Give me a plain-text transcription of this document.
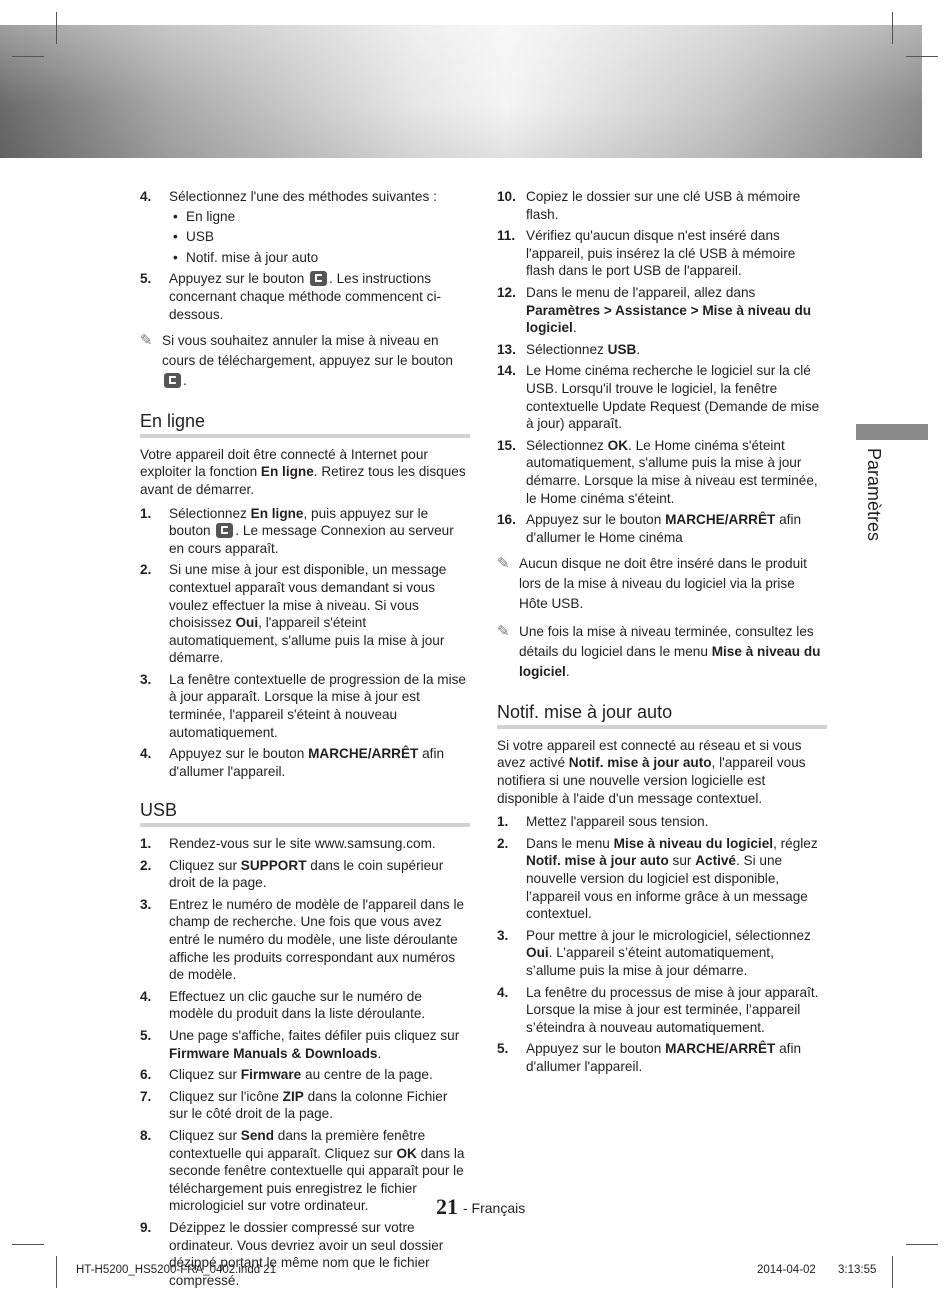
4. Sélectionnez l'une des méthodes suivantes :
• En ligne
• USB
• Notif. mise à jour auto
5. Appuyez sur le bouton . Les instructions concernant chaque méthode commencent ci-dessous.
✎ Si vous souhaitez annuler la mise à niveau en cours de téléchargement, appuyez sur le bouton .
En ligne

Votre appareil doit être connecté à Internet pour exploiter la fonction En ligne. Retirez tous les disques avant de démarrer.

1. Sélectionnez En ligne, puis appuyez sur le bouton . Le message Connexion au serveur en cours apparaît.
2. Si une mise à jour est disponible, un message contextuel apparaît vous demandant si vous voulez effectuer la mise à niveau. Si vous choisissez Oui, l'appareil s'éteint automatiquement, s'allume puis la mise à jour démarre.
3. La fenêtre contextuelle de progression de la mise à jour apparaît. Lorsque la mise à jour est terminée, l'appareil s'éteint à nouveau automatiquement.
4. Appuyez sur le bouton MARCHE/ARRÊT afin d'allumer l'appareil.
USB
1. Rendez-vous sur le site www.samsung.com.
2. Cliquez sur SUPPORT dans le coin supérieur droit de la page.
3. Entrez le numéro de modèle de l'appareil dans le champ de recherche. Une fois que vous avez entré le numéro du modèle, une liste déroulante affiche les produits correspondant aux numéros de modèle.
4. Effectuez un clic gauche sur le numéro de modèle du produit dans la liste déroulante.
5. Une page s'affiche, faites défiler puis cliquez sur Firmware Manuals & Downloads.
6. Cliquez sur Firmware au centre de la page.
7. Cliquez sur l'icône ZIP dans la colonne Fichier sur le côté droit de la page.
8. Cliquez sur Send dans la première fenêtre contextuelle qui apparaît. Cliquez sur OK dans la seconde fenêtre contextuelle qui apparaît pour le téléchargement puis enregistrez le fichier micrologiciel sur votre ordinateur.
9. Dézippez le dossier compressé sur votre ordinateur. Vous devriez avoir un seul dossier dézippé portant le même nom que le fichier compressé.
10. Copiez le dossier sur une clé USB à mémoire flash.
11. Vérifiez qu'aucun disque n'est inséré dans l'appareil, puis insérez la clé USB à mémoire flash dans le port USB de l'appareil.
12. Dans le menu de l'appareil, allez dans Paramètres > Assistance > Mise à niveau du logiciel.
13. Sélectionnez USB.
14. Le Home cinéma recherche le logiciel sur la clé USB. Lorsqu'il trouve le logiciel, la fenêtre contextuelle Update Request (Demande de mise à jour) apparaît.
15. Sélectionnez OK. Le Home cinéma s'éteint automatiquement, s'allume puis la mise à jour démarre. Lorsque la mise à niveau est terminée, le Home cinéma s'éteint.
16. Appuyez sur le bouton MARCHE/ARRÊT afin d'allumer le Home cinéma
✎ Aucun disque ne doit être inséré dans le produit lors de la mise à niveau du logiciel via la prise Hôte USB.
✎ Une fois la mise à niveau terminée, consultez les détails du logiciel dans le menu Mise à niveau du logiciel.
Notif. mise à jour auto

Si votre appareil est connecté au réseau et si vous avez activé Notif. mise à jour auto, l'appareil vous notifiera si une nouvelle version logicielle est disponible à l'aide d'un message contextuel.

1. Mettez l'appareil sous tension.
2. Dans le menu Mise à niveau du logiciel, réglez Notif. mise à jour auto sur Activé. Si une nouvelle version du logiciel est disponible, l’appareil vous en informe grâce à un message contextuel.
3. Pour mettre à jour le micrologiciel, sélectionnez Oui. L’appareil s’éteint automatiquement, s’allume puis la mise à jour démarre.
4. La fenêtre du processus de mise à jour apparaît. Lorsque la mise à jour est terminée, l’appareil s’éteindra à nouveau automatiquement.
5. Appuyez sur le bouton MARCHE/ARRÊT afin d'allumer l'appareil.
Paramètres
21 - Français
HT-H5200_HS5200-FRA_0402.indd 21	2014-04-02 3:13:55
